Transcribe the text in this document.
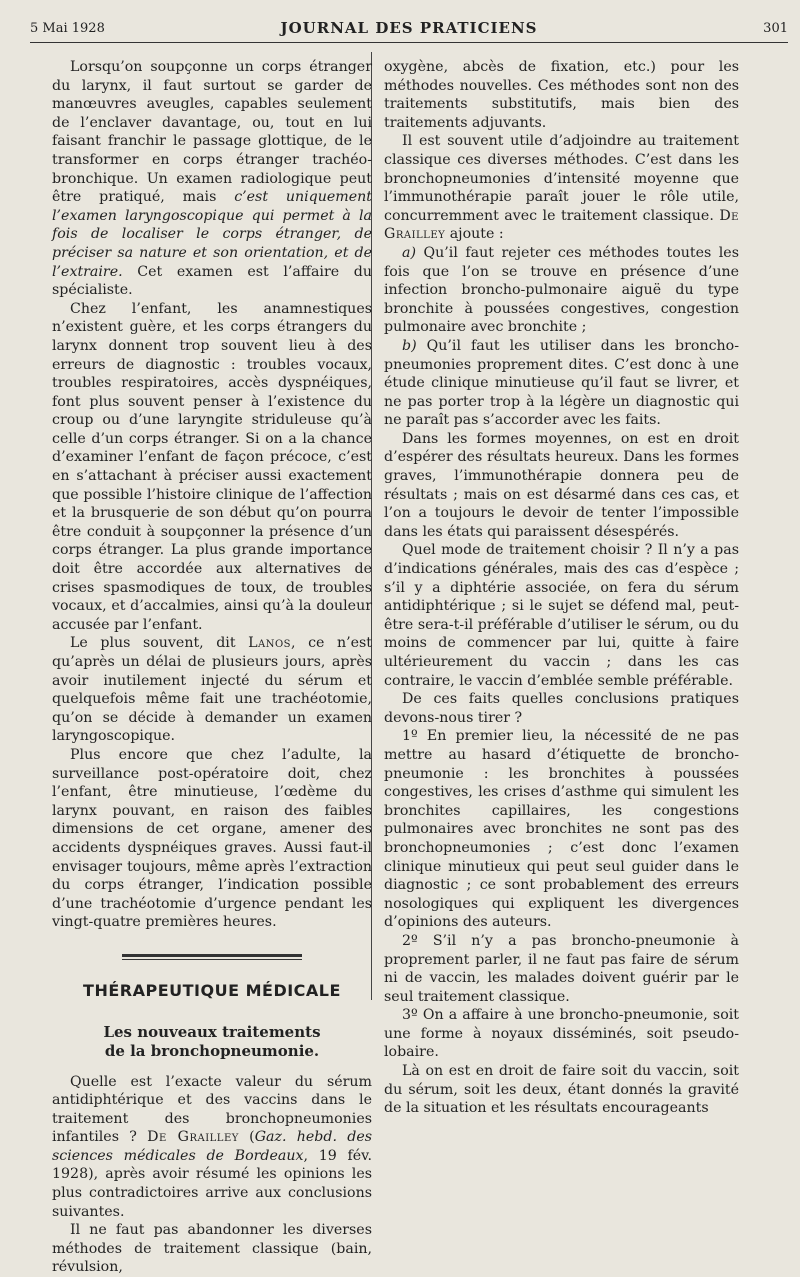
5 Mai 1928	JOURNAL DES PRATICIENS	301

Lorsqu’on soupçonne un corps étranger du larynx, il faut surtout se garder de manœuvres aveugles, capables seulement de l’enclaver davantage, ou, tout en lui faisant franchir le passage glottique, de le transformer en corps étranger trachéo-bronchique. Un examen radiologique peut être pratiqué, mais c’est uniquement l’examen laryngoscopique qui permet à la fois de localiser le corps étranger, de préciser sa nature et son orientation, et de l’extraire. Cet examen est l’affaire du spécialiste.

Chez l’enfant, les anamnestiques n’existent guère, et les corps étrangers du larynx donnent trop souvent lieu à des erreurs de diagnostic : troubles vocaux, troubles respiratoires, accès dyspnéiques, font plus souvent penser à l’existence du croup ou d’une laryngite striduleuse qu’à celle d’un corps étranger. Si on a la chance d’examiner l’enfant de façon précoce, c’est en s’attachant à préciser aussi exactement que possible l’histoire clinique de l’affection et la brusquerie de son début qu’on pourra être conduit à soupçonner la présence d’un corps étranger. La plus grande importance doit être accordée aux alternatives de crises spasmodiques de toux, de troubles vocaux, et d’accalmies, ainsi qu’à la douleur accusée par l’enfant.

Le plus souvent, dit Lanos, ce n’est qu’après un délai de plusieurs jours, après avoir inutilement injecté du sérum et quelquefois même fait une trachéotomie, qu’on se décide à demander un examen laryngoscopique.

Plus encore que chez l’adulte, la surveillance post-opératoire doit, chez l’enfant, être minutieuse, l’œdème du larynx pouvant, en raison des faibles dimensions de cet organe, amener des accidents dyspnéiques graves. Aussi faut-il envisager toujours, même après l’extraction du corps étranger, l’indication possible d’une trachéotomie d’urgence pendant les vingt-quatre premières heures.

THÉRAPEUTIQUE MÉDICALE
Les nouveaux traitements
de la bronchopneumonie.

Quelle est l’exacte valeur du sérum antidiphtérique et des vaccins dans le traitement des bronchopneumonies infantiles ? De Grailley (Gaz. hebd. des sciences médicales de Bordeaux, 19 fév. 1928), après avoir résumé les opinions les plus contradictoires arrive aux conclusions suivantes.

Il ne faut pas abandonner les diverses méthodes de traitement classique (bain, révulsion,

oxygène, abcès de fixation, etc.) pour les méthodes nouvelles. Ces méthodes sont non des traitements substitutifs, mais bien des traitements adjuvants.

Il est souvent utile d’adjoindre au traitement classique ces diverses méthodes. C’est dans les bronchopneumonies d’intensité moyenne que l’immunothérapie paraît jouer le rôle utile, concurremment avec le traitement classique. De Grailley ajoute :

a) Qu’il faut rejeter ces méthodes toutes les fois que l’on se trouve en présence d’une infection broncho-pulmonaire aiguë du type bronchite à poussées congestives, congestion pulmonaire avec bronchite ;

b) Qu’il faut les utiliser dans les broncho-pneumonies proprement dites. C’est donc à une étude clinique minutieuse qu’il faut se livrer, et ne pas porter trop à la légère un diagnostic qui ne paraît pas s’accorder avec les faits.

Dans les formes moyennes, on est en droit d’espérer des résultats heureux. Dans les formes graves, l’immunothérapie donnera peu de résultats ; mais on est désarmé dans ces cas, et l’on a toujours le devoir de tenter l’impossible dans les états qui paraissent désespérés.

Quel mode de traitement choisir ? Il n’y a pas d’indications générales, mais des cas d’espèce ; s’il y a diphtérie associée, on fera du sérum antidiphtérique ; si le sujet se défend mal, peut-être sera-t-il préférable d’utiliser le sérum, ou du moins de commencer par lui, quitte à faire ultérieurement du vaccin ; dans les cas contraire, le vaccin d’emblée semble préférable.

De ces faits quelles conclusions pratiques devons-nous tirer ?

1º En premier lieu, la nécessité de ne pas mettre au hasard d’étiquette de broncho-pneumonie : les bronchites à poussées congestives, les crises d’asthme qui simulent les bronchites capillaires, les congestions pulmonaires avec bronchites ne sont pas des bronchopneumonies ; c’est donc l’examen clinique minutieux qui peut seul guider dans le diagnostic ; ce sont probablement des erreurs nosologiques qui expliquent les divergences d’opinions des auteurs.

2º S’il n’y a pas broncho-pneumonie à proprement parler, il ne faut pas faire de sérum ni de vaccin, les malades doivent guérir par le seul traitement classique.

3º On a affaire à une broncho-pneumonie, soit une forme à noyaux disséminés, soit pseudo-lobaire.

Là on est en droit de faire soit du vaccin, soit du sérum, soit les deux, étant donnés la gravité de la situation et les résultats encourageants
